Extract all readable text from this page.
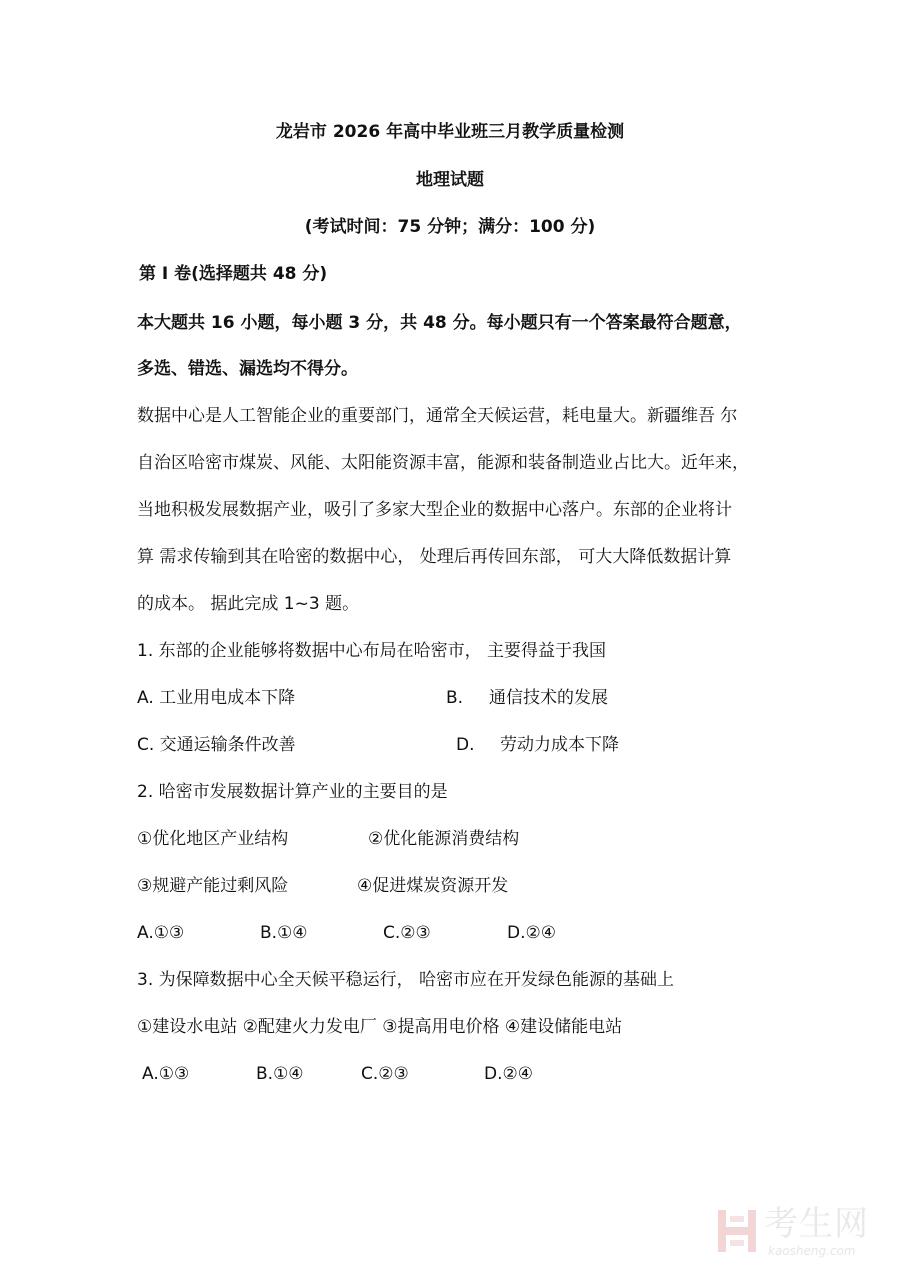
龙岩市 2026 年高中毕业班三月教学质量检测
地理试题
(考试时间：75 分钟；满分：100 分)
第 I 卷(选择题共 48 分)
本大题共 16 小题，每小题 3 分，共 48 分。每小题只有一个答案最符合题意，
多选、错选、漏选均不得分。
数据中心是人工智能企业的重要部门，通常全天候运营，耗电量大。新疆维吾 尔
自治区哈密市煤炭、风能、太阳能资源丰富，能源和装备制造业占比大。近年来，
当地积极发展数据产业，吸引了多家大型企业的数据中心落户。东部的企业将计
算 需求传输到其在哈密的数据中心， 处理后再传回东部， 可大大降低数据计算
的成本。 据此完成 1~3 题。
1. 东部的企业能够将数据中心布局在哈密市， 主要得益于我国
A. 工业用电成本下降	B. 通信技术的发展
C. 交通运输条件改善	D. 劳动力成本下降
2. 哈密市发展数据计算产业的主要目的是
①优化地区产业结构	②优化能源消费结构
③规避产能过剩风险	④促进煤炭资源开发
A.①③	B.①④	C.②③	D.②④
3. 为保障数据中心全天候平稳运行， 哈密市应在开发绿色能源的基础上
①建设水电站 ②配建火力发电厂 ③提高用电价格 ④建设储能电站
A.①③	B.①④	C.②③	D.②④
考生网
kaosheng.com
